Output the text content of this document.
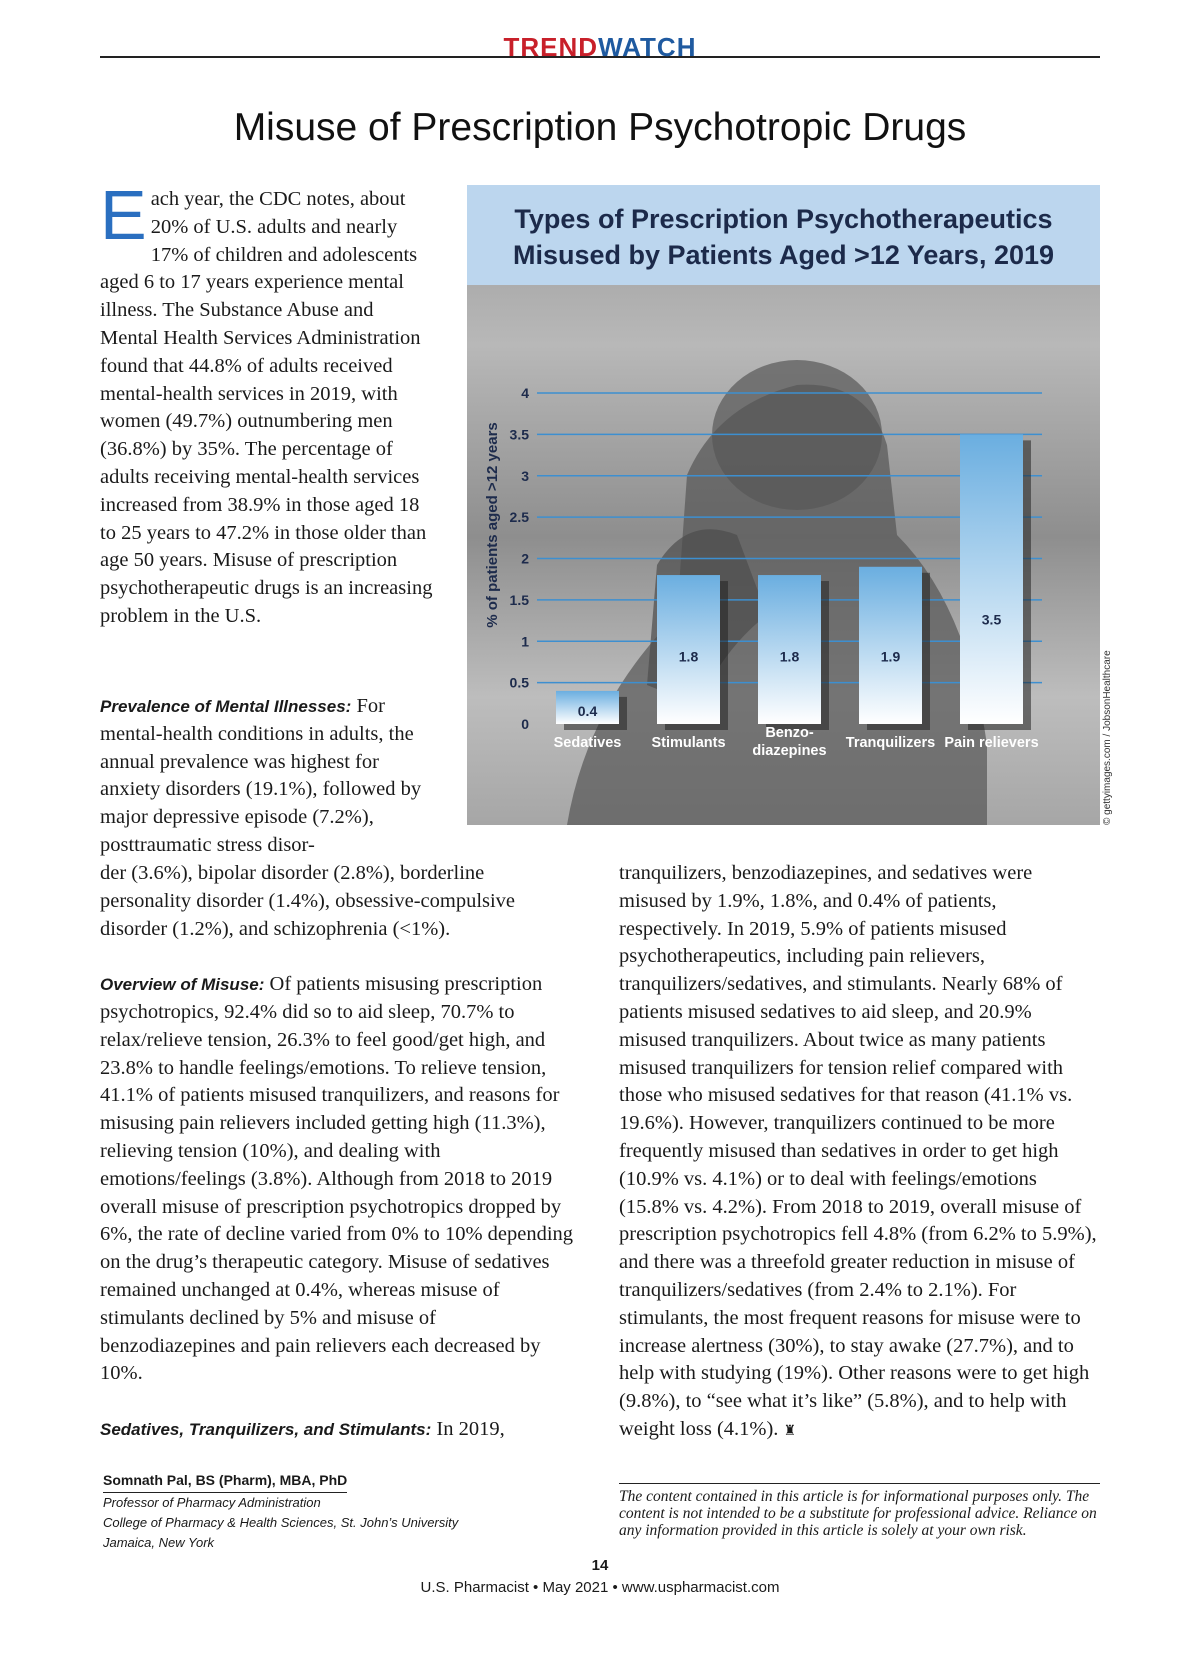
TRENDWATCH
Misuse of Prescription Psychotropic Drugs

Each year, the CDC notes, about 20% of U.S. adults and nearly 17% of children and adolescents aged 6 to 17 years experience mental illness. The Substance Abuse and Mental Health Services Administration found that 44.8% of adults received mental-health services in 2019, with women (49.7%) outnumbering men (36.8%) by 35%. The percentage of adults receiving mental-health services increased from 38.9% in those aged 18 to 25 years to 47.2% in those older than age 50 years. Misuse of prescription psychotherapeutic drugs is an increasing problem in the U.S.

Prevalence of Mental Illnesses: For mental-health conditions in adults, the annual prevalence was highest for anxiety disorders (19.1%), followed by major depressive episode (7.2%), posttraumatic stress disor-

der (3.6%), bipolar disorder (2.8%), borderline personality disorder (1.4%), obsessive-compulsive disorder (1.2%), and schizophrenia (<1%).

Overview of Misuse: Of patients misusing prescription psychotropics, 92.4% did so to aid sleep, 70.7% to relax/relieve tension, 26.3% to feel good/get high, and 23.8% to handle feelings/emotions. To relieve tension, 41.1% of patients misused tranquilizers, and reasons for misusing pain relievers included getting high (11.3%), relieving tension (10%), and dealing with emotions/feelings (3.8%). Although from 2018 to 2019 overall misuse of prescription psychotropics dropped by 6%, the rate of decline varied from 0% to 10% depending on the drug’s therapeutic category. Misuse of sedatives remained unchanged at 0.4%, whereas misuse of stimulants declined by 5% and misuse of benzodiazepines and pain relievers each decreased by 10%.

Sedatives, Tranquilizers, and Stimulants: In 2019,

tranquilizers, benzodiazepines, and sedatives were misused by 1.9%, 1.8%, and 0.4% of patients, respectively. In 2019, 5.9% of patients misused psychotherapeutics, including pain relievers, tranquilizers/sedatives, and stimulants. Nearly 68% of patients misused sedatives to aid sleep, and 20.9% misused tranquilizers. About twice as many patients misused tranquilizers for tension relief compared with those who misused sedatives for that reason (41.1% vs. 19.6%). However, tranquilizers continued to be more frequently misused than sedatives in order to get high (10.9% vs. 4.1%) or to deal with feelings/emotions (15.8% vs. 4.2%). From 2018 to 2019, overall misuse of prescription psychotropics fell 4.8% (from 6.2% to 5.9%), and there was a threefold greater reduction in misuse of tranquilizers/sedatives (from 2.4% to 2.1%). For stimulants, the most frequent reasons for misuse were to increase alertness (30%), to stay awake (27.7%), and to help with studying (19%). Other reasons were to get high (9.8%), to “see what it’s like” (5.8%), and to help with weight loss (4.1%). ♜

Types of Prescription Psychotherapeutics
Misused by Patients Aged >12 Years, 2019
0
0.5
1
1.5
2
2.5
3
3.5
4
0.4
1.8	1.8	1.9
3.5
Sedatives Stimulants
Benzo-
diazepines Tranquilizers Pain relievers
% of patients aged >12 years
© gettyimages.com / JobsonHealthcare
Somnath Pal, BS (Pharm), MBA, PhD
Professor of Pharmacy Administration
College of Pharmacy & Health Sciences, St. John’s University
Jamaica, New York
The content contained in this article is for informational purposes only. The content is not intended to be a substitute for professional advice. Reliance on any information provided in this article is solely at your own risk.
14
U.S. Pharmacist • May 2021 • www.uspharmacist.com
